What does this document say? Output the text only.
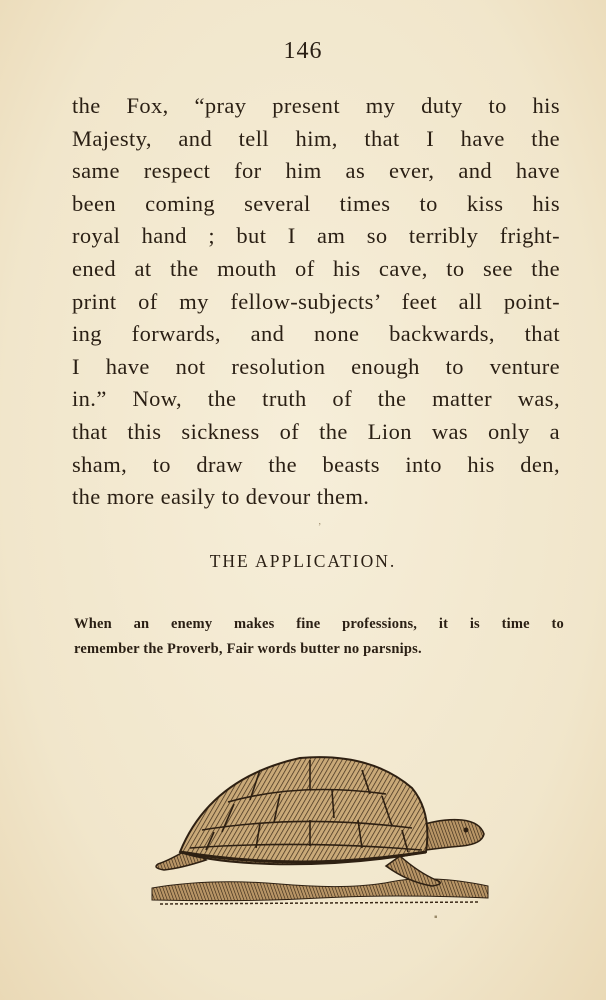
146
the Fox, “pray present my duty to his
Majesty, and tell him, that I have the
same respect for him as ever, and have
been coming several times to kiss his
royal hand ; but I am so terribly fright-
ened at the mouth of his cave, to see the
print of my fellow-subjects’ feet all point-
ing forwards, and none backwards, that
I have not resolution enough to venture
in.” Now, the truth of the matter was,
that this sickness of the Lion was only a
sham, to draw the beasts into his den,
the more easily to devour them.
THE APPLICATION.
When an enemy makes fine professions, it is time to
remember the Proverb, Fair words butter no parsnips.
ʼ
▪
